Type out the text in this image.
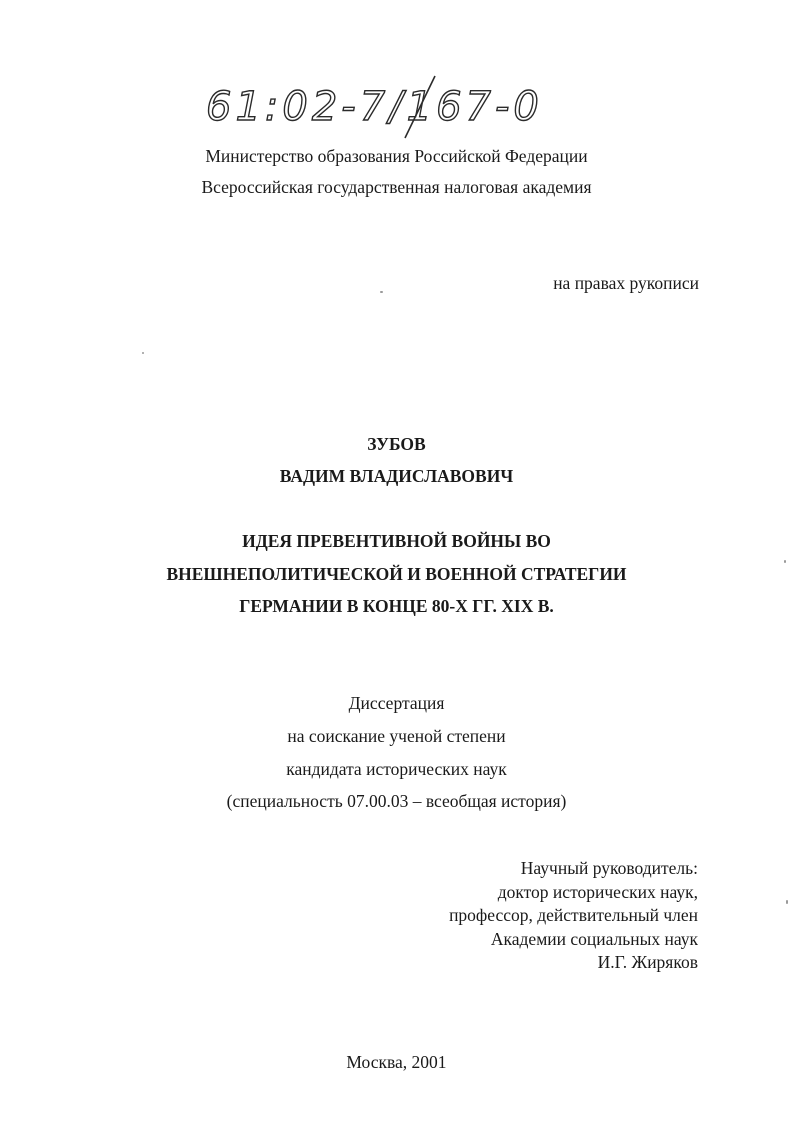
61:02-7/167-0
Министерство образования Российской Федерации
Всероссийская государственная налоговая академия
на правах рукописи
ЗУБОВ
ВАДИМ ВЛАДИСЛАВОВИЧ
ИДЕЯ ПРЕВЕНТИВНОЙ ВОЙНЫ ВО
ВНЕШНЕПОЛИТИЧЕСКОЙ И ВОЕННОЙ СТРАТЕГИИ
ГЕРМАНИИ В КОНЦЕ 80-Х ГГ. XIX В.
Диссертация
на соискание ученой степени
кандидата исторических наук
(специальность 07.00.03 – всеобщая история)
Научный руководитель:
доктор исторических наук,
профессор, действительный член
Академии социальных наук
И.Г. Жиряков
Москва, 2001
